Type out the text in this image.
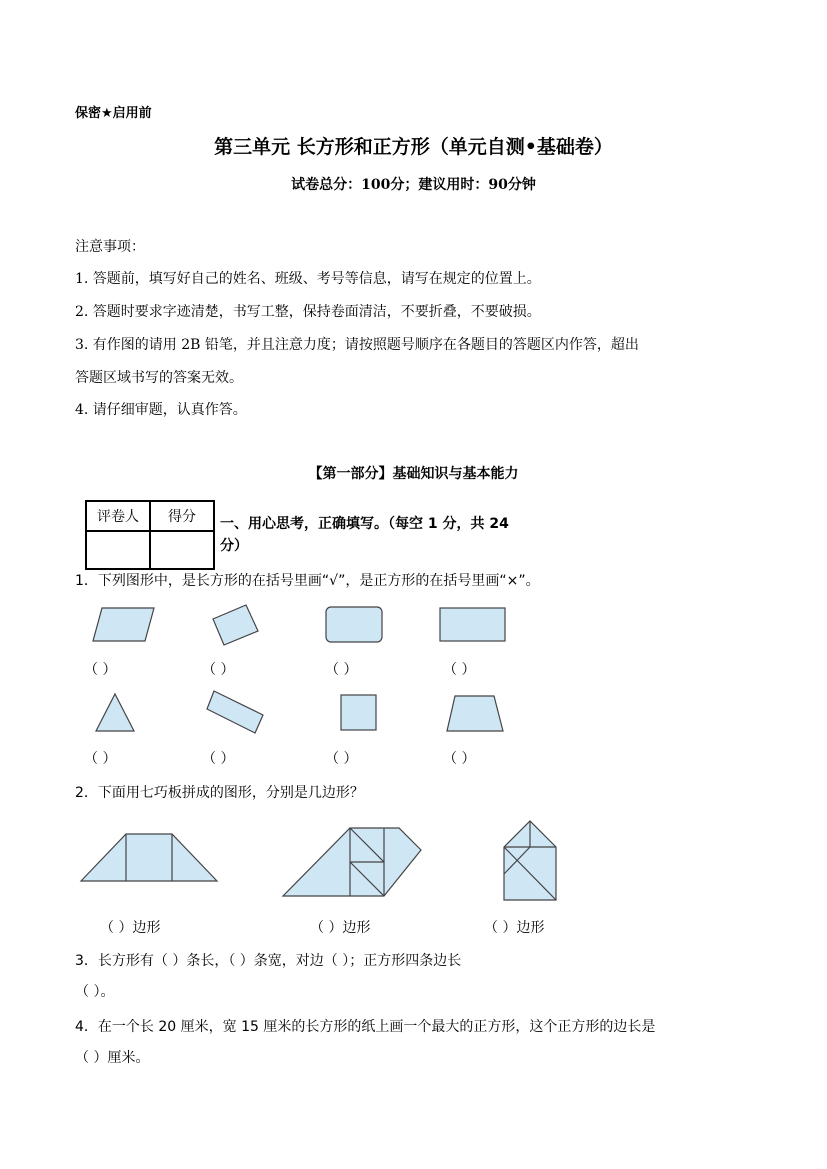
保密★启用前
第三单元 长方形和正方形（单元自测•基础卷）
试卷总分：100分；建议用时：90分钟
注意事项：
1. 答题前，填写好自己的姓名、班级、考号等信息，请写在规定的位置上。
2. 答题时要求字迹清楚，书写工整，保持卷面清洁，不要折叠，不要破损。
3. 有作图的请用 2B 铅笔，并且注意力度；请按照题号顺序在各题目的答题区内作答，超出
答题区域书写的答案无效。
4. 请仔细审题，认真作答。
【第一部分】基础知识与基本能力
评卷人	得分
	一、用心思考，正确填写。（每空 1 分，共 24
分）
1．下列图形中，是长方形的在括号里画“√”，是正方形的在括号里画“×”。
（ ）	（ ）	（ ）	（ ）
（ ）	（ ）	（ ）	（ ）
2．下面用七巧板拼成的图形，分别是几边形？
（ ）边形	（ ）边形	（ ）边形
3．长方形有（ ）条长，（ ）条宽，对边（ ）；正方形四条边长
（ ）。
4．在一个长 20 厘米，宽 15 厘米的长方形的纸上画一个最大的正方形，这个正方形的边长是
（ ）厘米。
